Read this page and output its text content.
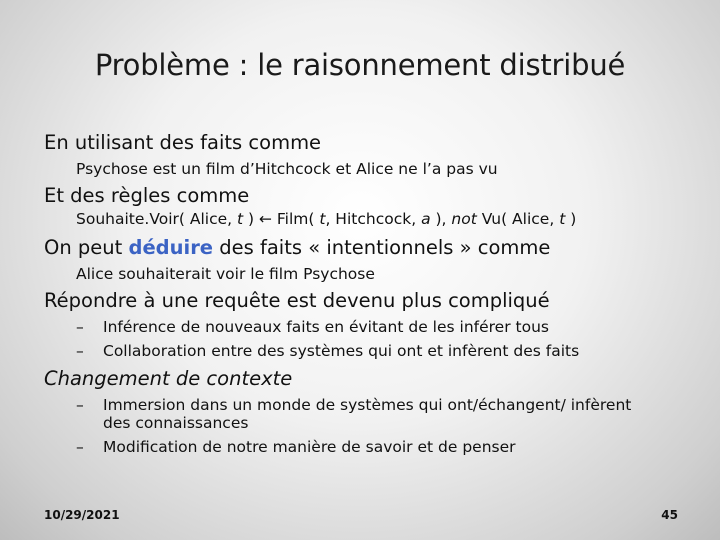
Problème : le raisonnement distribué
En utilisant des faits comme
Psychose est un film d’Hitchcock et Alice ne l’a pas vu
Et des règles comme
Souhaite.Voir( Alice, t ) ← Film( t, Hitchcock, a ), not Vu( Alice, t )
On peut déduire des faits « intentionnels » comme
Alice souhaiterait voir le film Psychose
Répondre à une requête est devenu plus compliqué
– Inférence de nouveaux faits en évitant de les inférer tous
– Collaboration entre des systèmes qui ont et infèrent des faits
Changement de contexte
– Immersion dans un monde de systèmes qui ont/échangent/ infèrent
des connaissances
– Modification de notre manière de savoir et de penser
10/29/2021	45
